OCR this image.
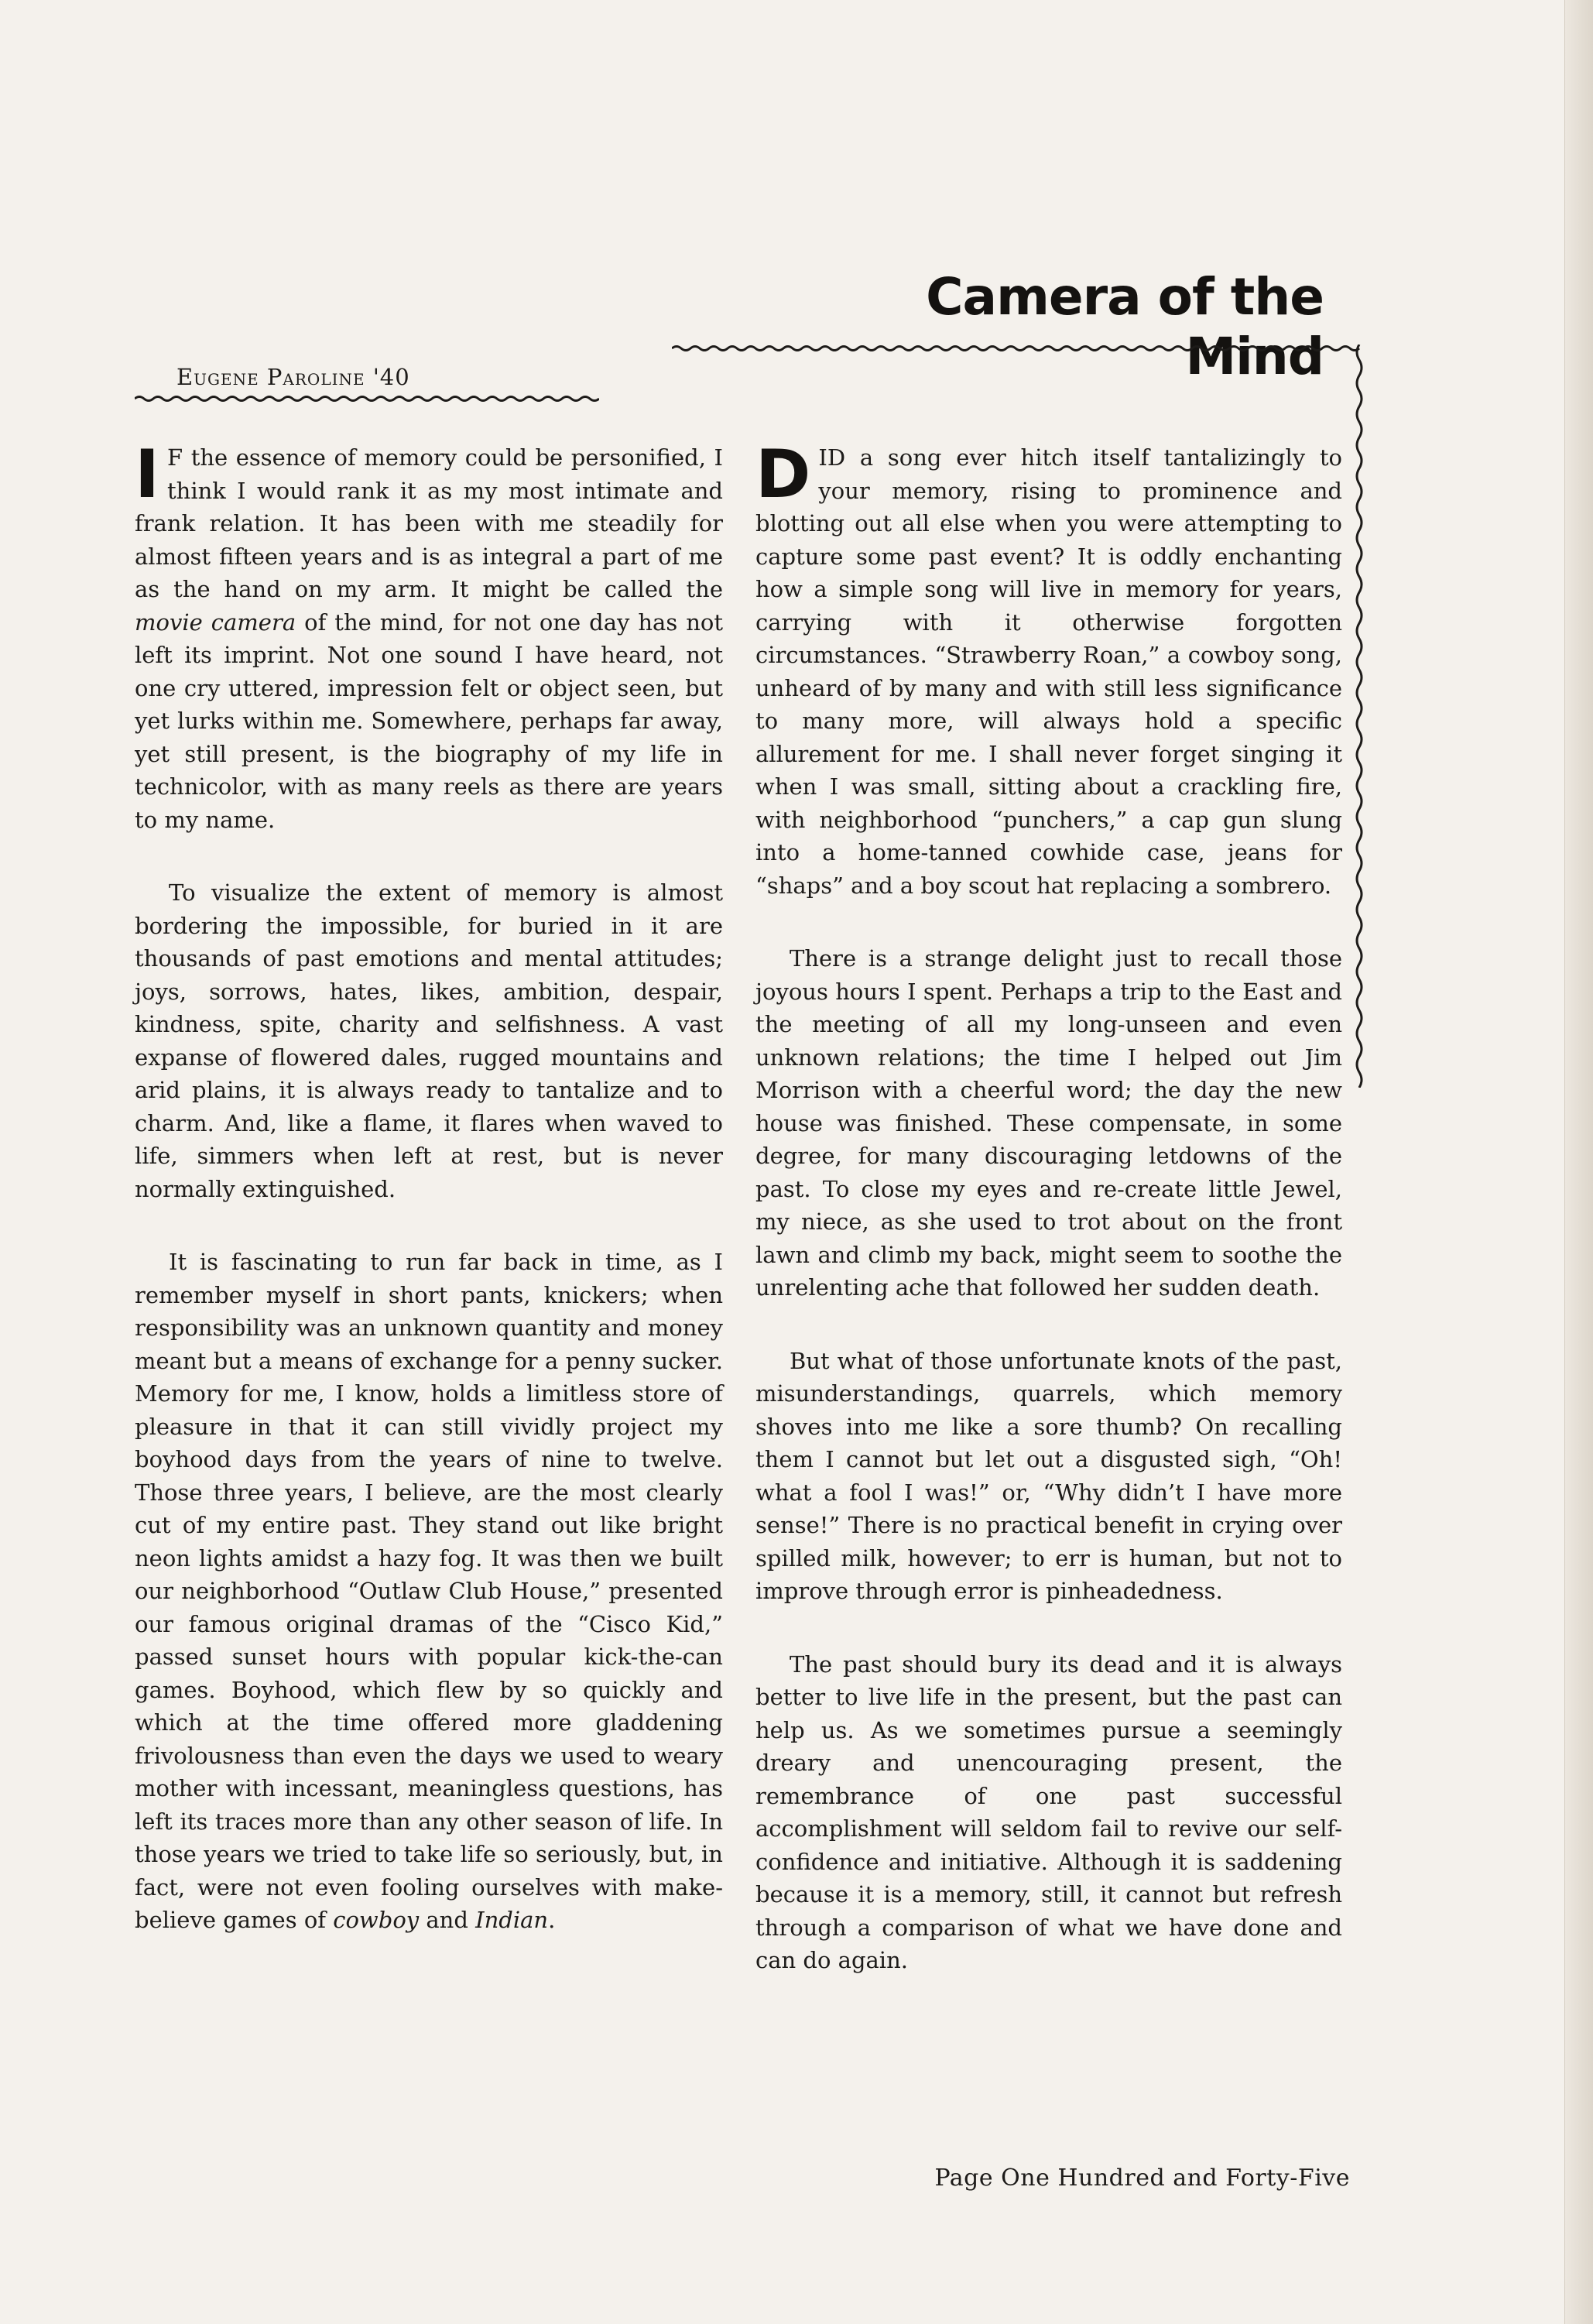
Camera of the Mind
Eugene Paroline '40

I F the essence of memory could be personified, I think I would rank it as my most intimate and frank relation. It has been with me steadily for almost fifteen years and is as integral a part of me as the hand on my arm. It might be called the movie camera of the mind, for not one day has not left its imprint. Not one sound I have heard, not one cry uttered, impression felt or object seen, but yet lurks within me. Somewhere, perhaps far away, yet still present, is the biography of my life in technicolor, with as many reels as there are years to my name.

To visualize the extent of memory is almost bordering the impossible, for buried in it are thousands of past emotions and mental attitudes; joys, sorrows, hates, likes, ambition, despair, kindness, spite, charity and selfishness. A vast expanse of flowered dales, rugged mountains and arid plains, it is always ready to tantalize and to charm. And, like a flame, it flares when waved to life, simmers when left at rest, but is never normally extinguished.

It is fascinating to run far back in time, as I remember myself in short pants, knickers; when responsibility was an unknown quantity and money meant but a means of exchange for a penny sucker. Memory for me, I know, holds a limitless store of pleasure in that it can still vividly project my boyhood days from the years of nine to twelve. Those three years, I believe, are the most clearly cut of my entire past. They stand out like bright neon lights amidst a hazy fog. It was then we built our neighborhood “Outlaw Club House,” presented our famous original dramas of the “Cisco Kid,” passed sunset hours with popular kick-the-can games. Boyhood, which flew by so quickly and which at the time offered more gladdening frivolousness than even the days we used to weary mother with incessant, meaningless questions, has left its traces more than any other season of life. In those years we tried to take life so seriously, but, in fact, were not even fooling ourselves with make-believe games of cowboy and Indian.

DID a song ever hitch itself tantalizingly to your memory, rising to prominence and blotting out all else when you were attempting to capture some past event? It is oddly enchanting how a simple song will live in memory for years, carrying with it otherwise forgotten circumstances. “Strawberry Roan,” a cowboy song, unheard of by many and with still less significance to many more, will always hold a specific allurement for me. I shall never forget singing it when I was small, sitting about a crackling fire, with neighborhood “punchers,” a cap gun slung into a home-tanned cowhide case, jeans for “shaps” and a boy scout hat replacing a sombrero.

There is a strange delight just to recall those joyous hours I spent. Perhaps a trip to the East and the meeting of all my long-unseen and even unknown relations; the time I helped out Jim Morrison with a cheerful word; the day the new house was finished. These compensate, in some degree, for many discouraging letdowns of the past. To close my eyes and re-create little Jewel, my niece, as she used to trot about on the front lawn and climb my back, might seem to soothe the unrelenting ache that followed her sudden death.

But what of those unfortunate knots of the past, misunderstandings, quarrels, which memory shoves into me like a sore thumb? On recalling them I cannot but let out a disgusted sigh, “Oh! what a fool I was!” or, “Why didn’t I have more sense!” There is no practical benefit in crying over spilled milk, however; to err is human, but not to improve through error is pinheadedness.

The past should bury its dead and it is always better to live life in the present, but the past can help us. As we sometimes pursue a seemingly dreary and unencouraging present, the remembrance of one past successful accomplishment will seldom fail to revive our self-confidence and initiative. Although it is saddening because it is a memory, still, it cannot but refresh through a comparison of what we have done and can do again.

Page One Hundred and Forty-Five
